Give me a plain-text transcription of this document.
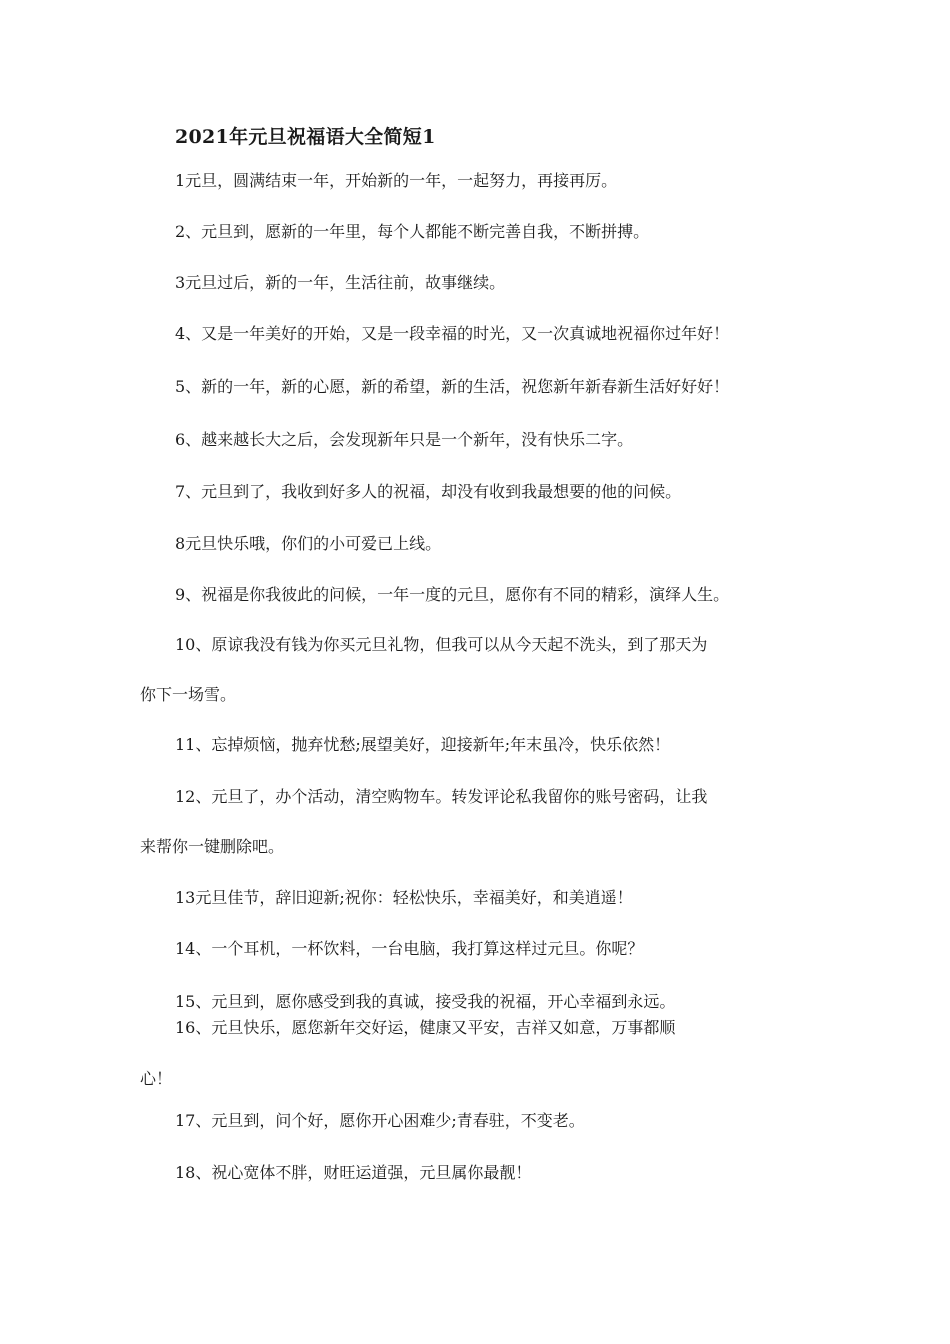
2021年元旦祝福语大全简短1
1元旦，圆满结束一年，开始新的一年，一起努力，再接再厉。
2、元旦到，愿新的一年里，每个人都能不断完善自我，不断拼搏。
3元旦过后，新的一年，生活往前，故事继续。
4、又是一年美好的开始，又是一段幸福的时光，又一次真诚地祝福你过年好！
5、新的一年，新的心愿，新的希望，新的生活，祝您新年新春新生活好好好！
6、越来越长大之后，会发现新年只是一个新年，没有快乐二字。
7、元旦到了，我收到好多人的祝福，却没有收到我最想要的他的问候。
8元旦快乐哦，你们的小可爱已上线。
9、祝福是你我彼此的问候，一年一度的元旦，愿你有不同的精彩，演绎人生。
10、原谅我没有钱为你买元旦礼物，但我可以从今天起不洗头，到了那天为
你下一场雪。
11、忘掉烦恼，抛弃忧愁;展望美好，迎接新年;年末虽冷，快乐依然！
12、元旦了，办个活动，清空购物车。转发评论私我留你的账号密码，让我
来帮你一键删除吧。
13元旦佳节，辞旧迎新;祝你：轻松快乐，幸福美好，和美逍遥！
14、一个耳机，一杯饮料，一台电脑，我打算这样过元旦。你呢？
15、元旦到，愿你感受到我的真诚，接受我的祝福，开心幸福到永远。
16、元旦快乐，愿您新年交好运，健康又平安，吉祥又如意，万事都顺
心！
17、元旦到，问个好，愿你开心困难少;青春驻，不变老。
18、祝心宽体不胖，财旺运道强，元旦属你最靓！
